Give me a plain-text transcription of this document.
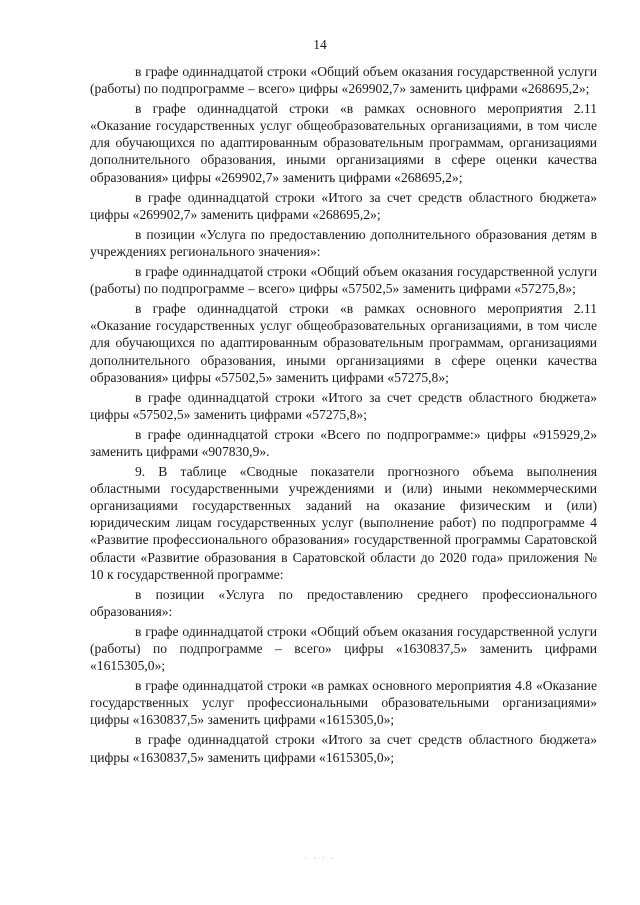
14

в графе одиннадцатой строки «Общий объем оказания государственной услуги (работы) по подпрограмме – всего» цифры «269902,7» заменить цифрами «268695,2»;

в графе одиннадцатой строки «в рамках основного мероприятия 2.11 «Оказание государственных услуг общеобразовательных организациями, в том числе для обучающихся по адаптированным образовательным программам, организациями дополнительного образования, иными организациями в сфере оценки качества образования» цифры «269902,7» заменить цифрами «268695,2»;

в графе одиннадцатой строки «Итого за счет средств областного бюджета» цифры «269902,7» заменить цифрами «268695,2»;

в позиции «Услуга по предоставлению дополнительного образования детям в учреждениях регионального значения»:

в графе одиннадцатой строки «Общий объем оказания государственной услуги (работы) по подпрограмме – всего» цифры «57502,5» заменить цифрами «57275,8»;

в графе одиннадцатой строки «в рамках основного мероприятия 2.11 «Оказание государственных услуг общеобразовательных организациями, в том числе для обучающихся по адаптированным образовательным программам, организациями дополнительного образования, иными организациями в сфере оценки качества образования» цифры «57502,5» заменить цифрами «57275,8»;

в графе одиннадцатой строки «Итого за счет средств областного бюджета» цифры «57502,5» заменить цифрами «57275,8»;

в графе одиннадцатой строки «Всего по подпрограмме:» цифры «915929,2» заменить цифрами «907830,9».

9. В таблице «Сводные показатели прогнозного объема выполнения областными государственными учреждениями и (или) иными некоммерческими организациями государственных заданий на оказание физическим и (или) юридическим лицам государственных услуг (выполнение работ) по подпрограмме 4 «Развитие профессионального образования» государственной программы Саратовской области «Развитие образования в Саратовской области до 2020 года» приложения № 10 к государственной программе:

в позиции «Услуга по предоставлению среднего профессионального образования»:

в графе одиннадцатой строки «Общий объем оказания государственной услуги (работы) по подпрограмме – всего» цифры «1630837,5» заменить цифрами «1615305,0»;

в графе одиннадцатой строки «в рамках основного мероприятия 4.8 «Оказание государственных услуг профессиональными образовательными организациями» цифры «1630837,5» заменить цифрами «1615305,0»;

в графе одиннадцатой строки «Итого за счет средств областного бюджета» цифры «1630837,5» заменить цифрами «1615305,0»;

· · · ·
